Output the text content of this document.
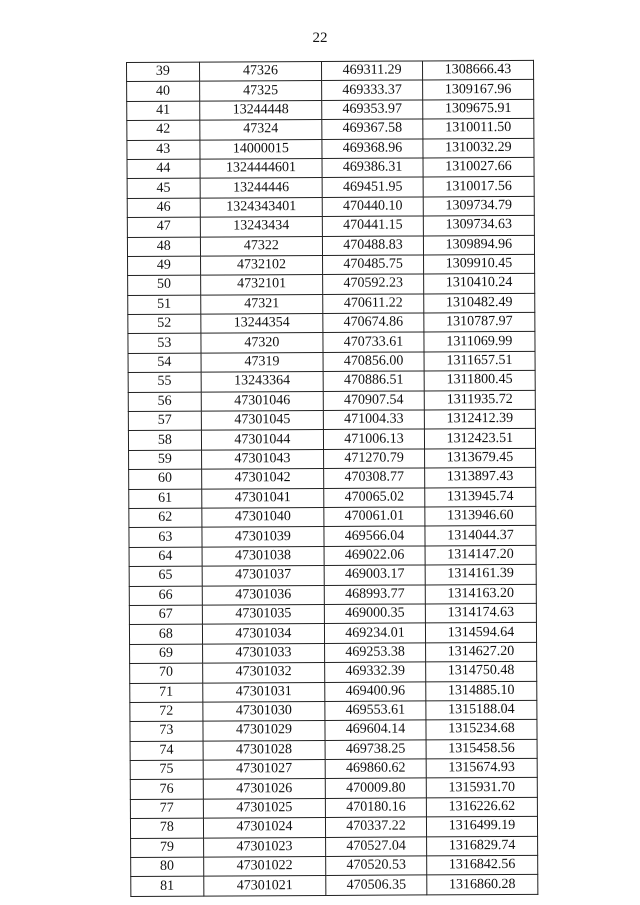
22
39	47326	469311.29	1308666.43
40	47325	469333.37	1309167.96
41	13244448	469353.97	1309675.91
42	47324	469367.58	1310011.50
43	14000015	469368.96	1310032.29
44	1324444601	469386.31	1310027.66
45	13244446	469451.95	1310017.56
46	1324343401	470440.10	1309734.79
47	13243434	470441.15	1309734.63
48	47322	470488.83	1309894.96
49	4732102	470485.75	1309910.45
50	4732101	470592.23	1310410.24
51	47321	470611.22	1310482.49
52	13244354	470674.86	1310787.97
53	47320	470733.61	1311069.99
54	47319	470856.00	1311657.51
55	13243364	470886.51	1311800.45
56	47301046	470907.54	1311935.72
57	47301045	471004.33	1312412.39
58	47301044	471006.13	1312423.51
59	47301043	471270.79	1313679.45
60	47301042	470308.77	1313897.43
61	47301041	470065.02	1313945.74
62	47301040	470061.01	1313946.60
63	47301039	469566.04	1314044.37
64	47301038	469022.06	1314147.20
65	47301037	469003.17	1314161.39
66	47301036	468993.77	1314163.20
67	47301035	469000.35	1314174.63
68	47301034	469234.01	1314594.64
69	47301033	469253.38	1314627.20
70	47301032	469332.39	1314750.48
71	47301031	469400.96	1314885.10
72	47301030	469553.61	1315188.04
73	47301029	469604.14	1315234.68
74	47301028	469738.25	1315458.56
75	47301027	469860.62	1315674.93
76	47301026	470009.80	1315931.70
77	47301025	470180.16	1316226.62
78	47301024	470337.22	1316499.19
79	47301023	470527.04	1316829.74
80	47301022	470520.53	1316842.56
81	47301021	470506.35	1316860.28
